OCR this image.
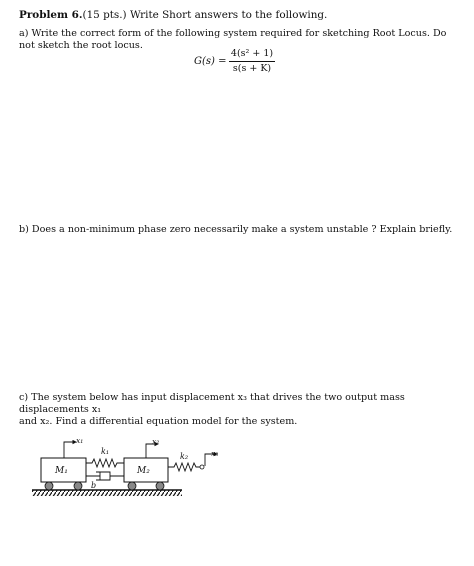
Problem 6.(15 pts.) Write Short answers to the following.
a) Write the correct form of the following system required for sketching Root Locus. Do not sketch the root locus.
G(s) =
4(s² + 1)
s(s + K)
b) Does a non-minimum phase zero necessarily make a system unstable ? Explain briefly.
c) The system below has input displacement x₃ that drives the two output mass displacements x₁
and x₂. Find a differential equation model for the system.
M₁	M₂
k₁
b
k₂
x₁	x₂
x₃
